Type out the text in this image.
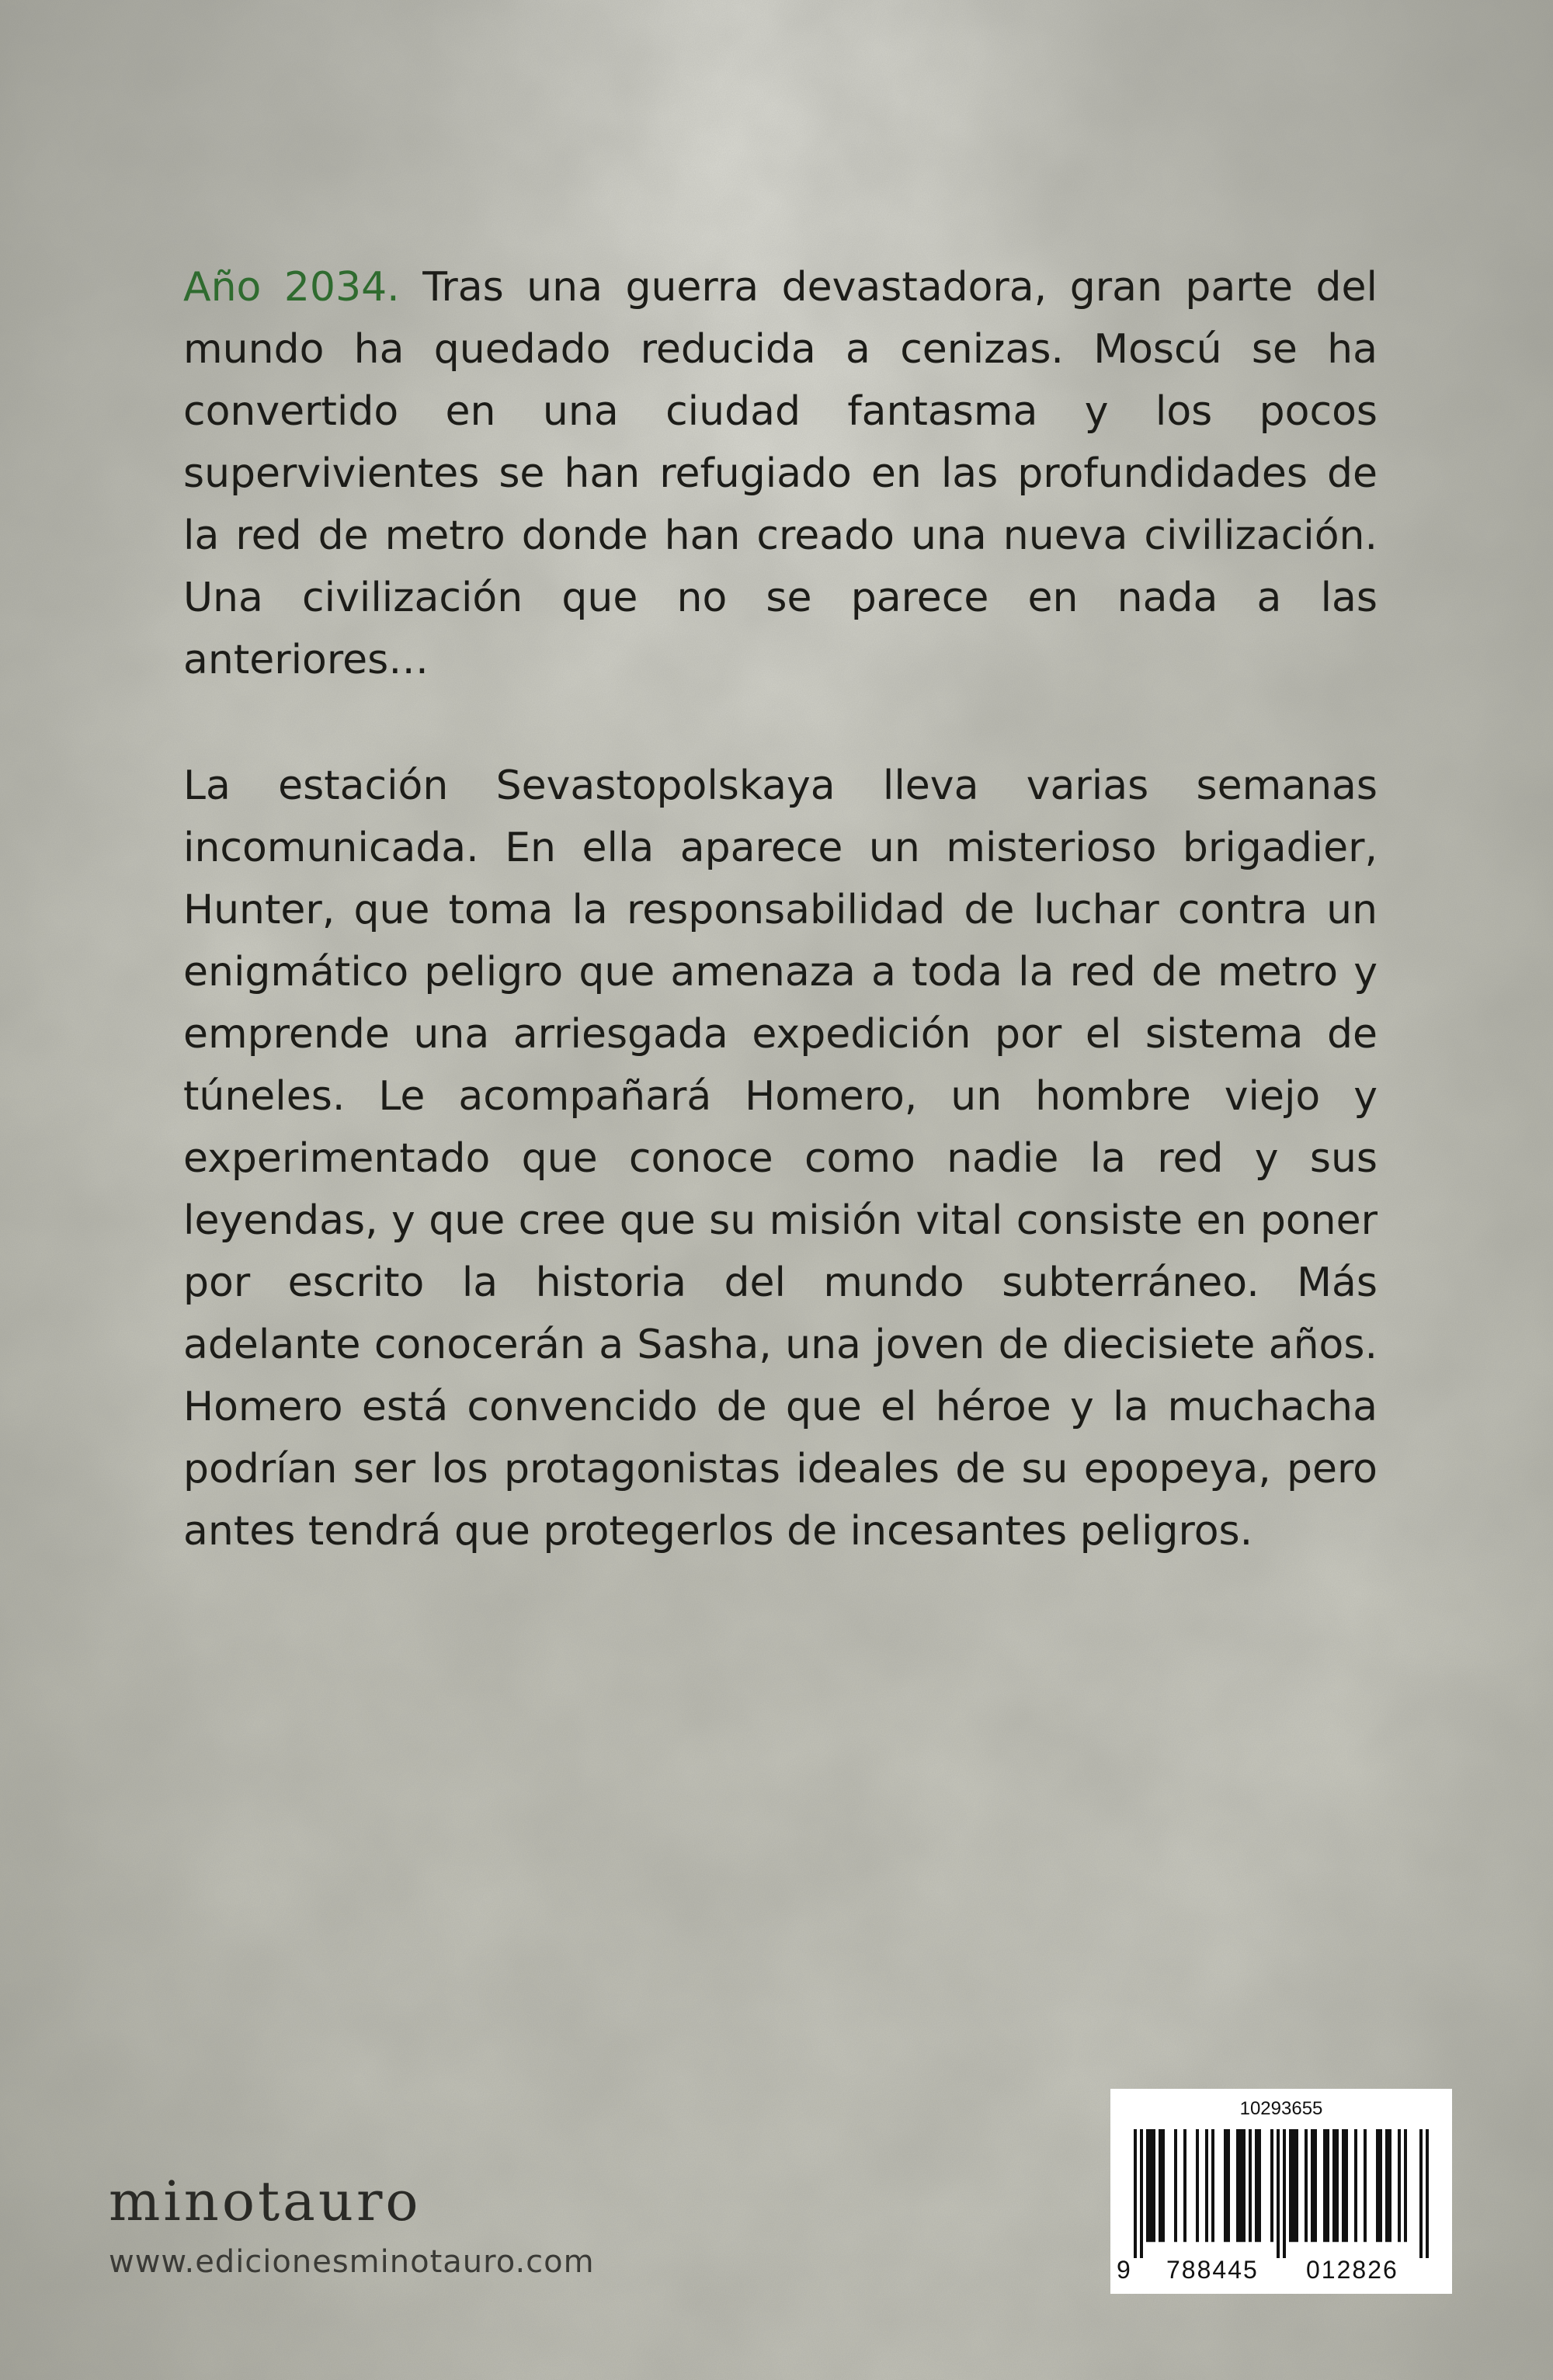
Año 2034. Tras una guerra devastadora, gran parte del mundo ha quedado reducida a cenizas. Moscú se ha convertido en una ciudad fantasma y los pocos supervivientes se han refugiado en las profundidades de la red de metro donde han creado una nueva civilización. Una civilización que no se parece en nada a las anteriores…

La estación Sevastopolskaya lleva varias semanas incomunicada. En ella aparece un misterioso brigadier, Hunter, que toma la responsabilidad de luchar contra un enigmático peligro que amenaza a toda la red de metro y emprende una arriesgada expedición por el sistema de túneles. Le acompañará Homero, un hombre viejo y experimentado que conoce como nadie la red y sus leyendas, y que cree que su misión vital consiste en poner por escrito la historia del mundo subterráneo. Más adelante conocerán a Sasha, una joven de diecisiete años. Homero está convencido de que el héroe y la muchacha podrían ser los protagonistas ideales de su epopeya, pero antes tendrá que protegerlos de incesantes peligros.

minotauro
www.edicionesminotauro.com
10293655
9 788445 012826
